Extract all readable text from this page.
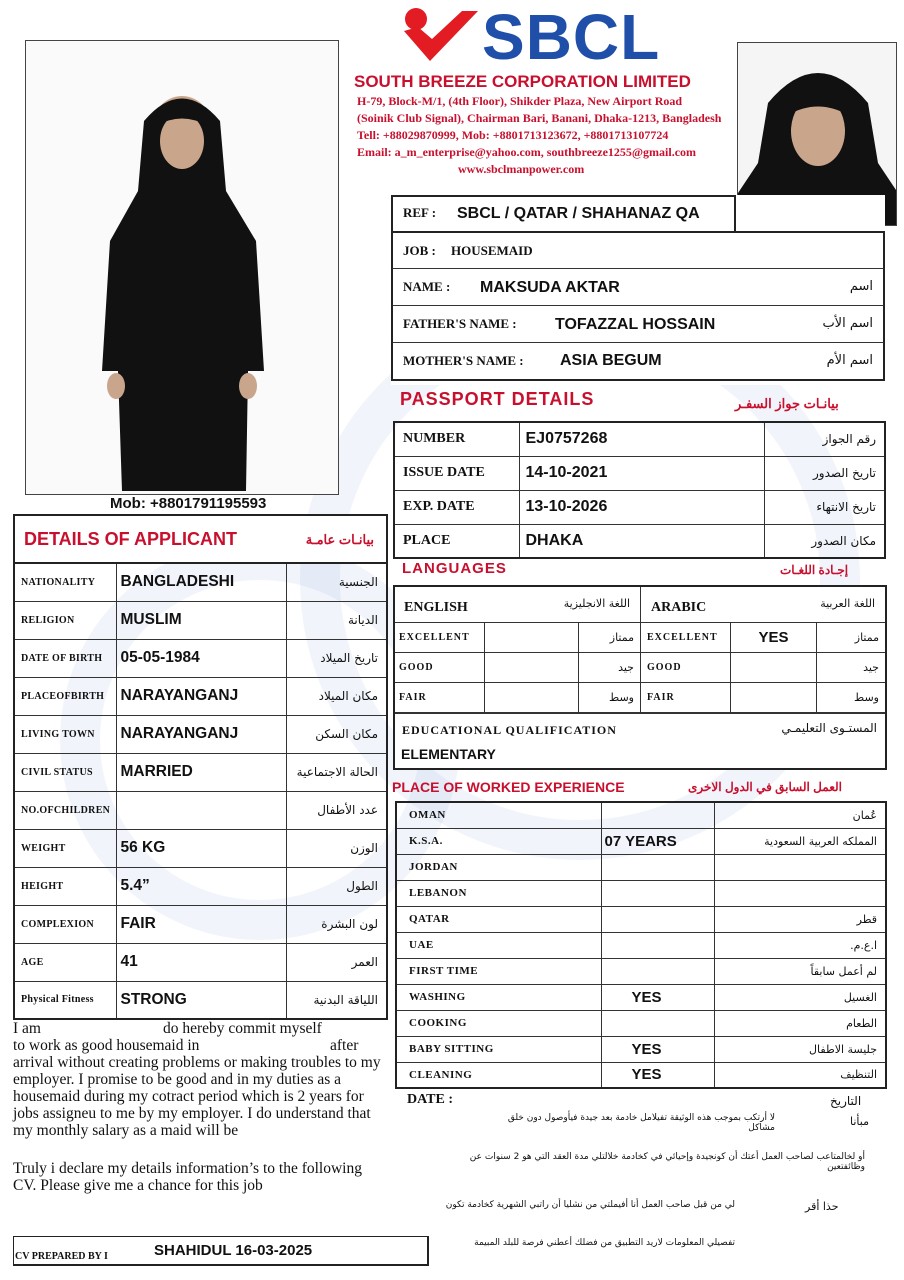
Mob: +8801791195593
SBCL
SOUTH BREEZE CORPORATION LIMITED
H-79, Block-M/1, (4th Floor), Shikder Plaza, New Airport Road
(Soinik Club Signal), Chairman Bari, Banani, Dhaka-1213, Bangladesh
Tell: +88029870999, Mob: +8801713123672, +8801713107724
Email: a_m_enterprise@yahoo.com, southbreeze1255@gmail.com
www.sbclmanpower.com
REF : SBCL / QATAR / SHAHANAZ QA
JOB : HOUSEMAID
NAME : MAKSUDA AKTAR	اسم
FATHER'S NAME : TOFAZZAL HOSSAIN	اسم الأب
MOTHER'S NAME : ASIA BEGUM	اسم الأم
PASSPORT DETAILS	بيانـات جواز السفـر
NUMBER	EJ0757268	رقم الجواز
ISSUE DATE	14-10-2021	تاريخ الصدور
EXP. DATE	13-10-2026	تاريخ الانتهاء
PLACE	DHAKA	مكان الصدور
LANGUAGES	إجـادة اللغـات
ENGLISH	اللغة الانجليزية ARABIC	اللغة العربية
EXCELLENT	ممتاز	EXCELLENT	YES	ممتاز
GOOD	جيد	GOOD	جيد
FAIR	وسط	FAIR	وسط
EDUCATIONAL QUALIFICATION	المستـوى التعليمـي
ELEMENTARY
PLACE OF WORKED EXPERIENCE	العمل السابق في الدول الاخرى
OMAN		عُمان
K.S.A.	07 YEARS	المملكه العربية السعودية
JORDAN		
LEBANON		
QATAR		قطر
UAE		ا.ع.م.
FIRST TIME		لم أعمل سابقاً
WASHING	YES	الغسيل
COOKING		الطعام
BABY SITTING	YES	جليسة الاطفال
CLEANING	YES	التنظيف
DETAILS OF APPLICANT	بيانـات عامـة
NATIONALITY	BANGLADESHI	الجنسية
RELIGION	MUSLIM	الديانة
DATE OF BIRTH	05-05-1984	تاريخ الميلاد
PLACEOFBIRTH	NARAYANGANJ	مكان الميلاد
LIVING TOWN	NARAYANGANJ	مكان السكن
CIVIL STATUS	MARRIED	الحالة الاجتماعية
NO.OFCHILDREN		عدد الأطفال
WEIGHT	56 KG	الوزن
HEIGHT	5.4”	الطول
COMPLEXION	FAIR	لون البشرة
AGE	41	العمر
Physical Fitness	STRONG	اللياقة البدنية
I am	do hereby commit myself
to work as good housemaid in	after
arrival without creating problems or making troubles to my employer. I promise to be good and in my duties as a housemaid during my cotract period which is 2 years for jobs assigneu to me by my employer. I do understand that my monthly salary as a maid will be
Truly i declare my details information’s to the following CV. Please give me a chance for this job
CV PREPARED BY I	SHAHIDUL 16-03-2025
DATE :	التاريخ
مبأنا
لا أرتكب بموجب هذه الوثيقة تفيلامل خادمة بعد جيدة فيأوصول دون خلق مشاكل
أو لخالمتاعب لصاحب العمل أعتك أن كونجيدة وإحيائي في كخادمة خلالتلي مدة العقد التي هو 2 سنوات عن وظائفتعين
حذا أقر
لي من قبل صاحب العمل أنا أفيملتي من نشليا أن راتبي الشهرية كخادمة تكون
تفصيلي المعلومات لاريد التطبيق من فضلك أعطني فرصة للبلد المبيمة
